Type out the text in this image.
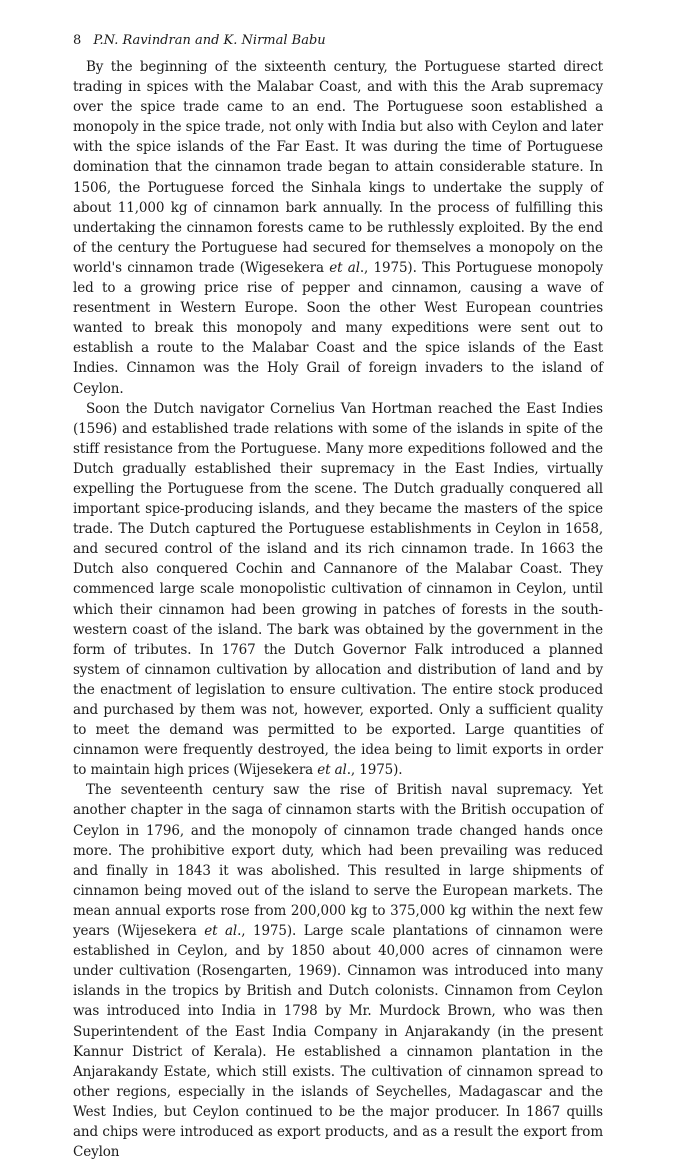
8 P.N. Ravindran and K. Nirmal Babu

By the beginning of the sixteenth century, the Portuguese started direct trading in spices with the Malabar Coast, and with this the Arab supremacy over the spice trade came to an end. The Portuguese soon established a monopoly in the spice trade, not only with India but also with Ceylon and later with the spice islands of the Far East. It was during the time of Portuguese domination that the cinnamon trade began to attain considerable stature. In 1506, the Portuguese forced the Sinhala kings to undertake the supply of about 11,000 kg of cinnamon bark annually. In the process of fulfilling this undertaking the cinnamon forests came to be ruthlessly exploited. By the end of the century the Portuguese had secured for themselves a monopoly on the world's cinnamon trade (Wigesekera et al., 1975). This Portuguese monopoly led to a growing price rise of pepper and cinnamon, causing a wave of resentment in Western Europe. Soon the other West European countries wanted to break this monopoly and many expeditions were sent out to establish a route to the Malabar Coast and the spice islands of the East Indies. Cinnamon was the Holy Grail of foreign invaders to the island of Ceylon.

Soon the Dutch navigator Cornelius Van Hortman reached the East Indies (1596) and established trade relations with some of the islands in spite of the stiff resistance from the Portuguese. Many more expeditions followed and the Dutch gradually established their supremacy in the East Indies, virtually expelling the Portuguese from the scene. The Dutch gradually conquered all important spice-producing islands, and they became the masters of the spice trade. The Dutch captured the Portuguese establishments in Ceylon in 1658, and secured control of the island and its rich cinnamon trade. In 1663 the Dutch also conquered Cochin and Cannanore of the Malabar Coast. They commenced large scale monopolistic cultivation of cinnamon in Ceylon, until which their cinnamon had been growing in patches of forests in the south-western coast of the island. The bark was obtained by the government in the form of tributes. In 1767 the Dutch Governor Falk introduced a planned system of cinnamon cultivation by allocation and distribution of land and by the enactment of legislation to ensure cultivation. The entire stock produced and purchased by them was not, however, exported. Only a sufficient quality to meet the demand was permitted to be exported. Large quantities of cinnamon were frequently destroyed, the idea being to limit exports in order to maintain high prices (Wijesekera et al., 1975).

The seventeenth century saw the rise of British naval supremacy. Yet another chapter in the saga of cinnamon starts with the British occupation of Ceylon in 1796, and the monopoly of cinnamon trade changed hands once more. The prohibitive export duty, which had been prevailing was reduced and finally in 1843 it was abolished. This resulted in large shipments of cinnamon being moved out of the island to serve the European markets. The mean annual exports rose from 200,000 kg to 375,000 kg within the next few years (Wijesekera et al., 1975). Large scale plantations of cinnamon were established in Ceylon, and by 1850 about 40,000 acres of cinnamon were under cultivation (Rosengarten, 1969). Cinnamon was introduced into many islands in the tropics by British and Dutch colonists. Cinnamon from Ceylon was introduced into India in 1798 by Mr. Murdock Brown, who was then Superintendent of the East India Company in Anjarakandy (in the present Kannur District of Kerala). He established a cinnamon plantation in the Anjarakandy Estate, which still exists. The cultivation of cinnamon spread to other regions, especially in the islands of Seychelles, Madagascar and the West Indies, but Ceylon continued to be the major producer. In 1867 quills and chips were introduced as export products, and as a result the export from Ceylon
